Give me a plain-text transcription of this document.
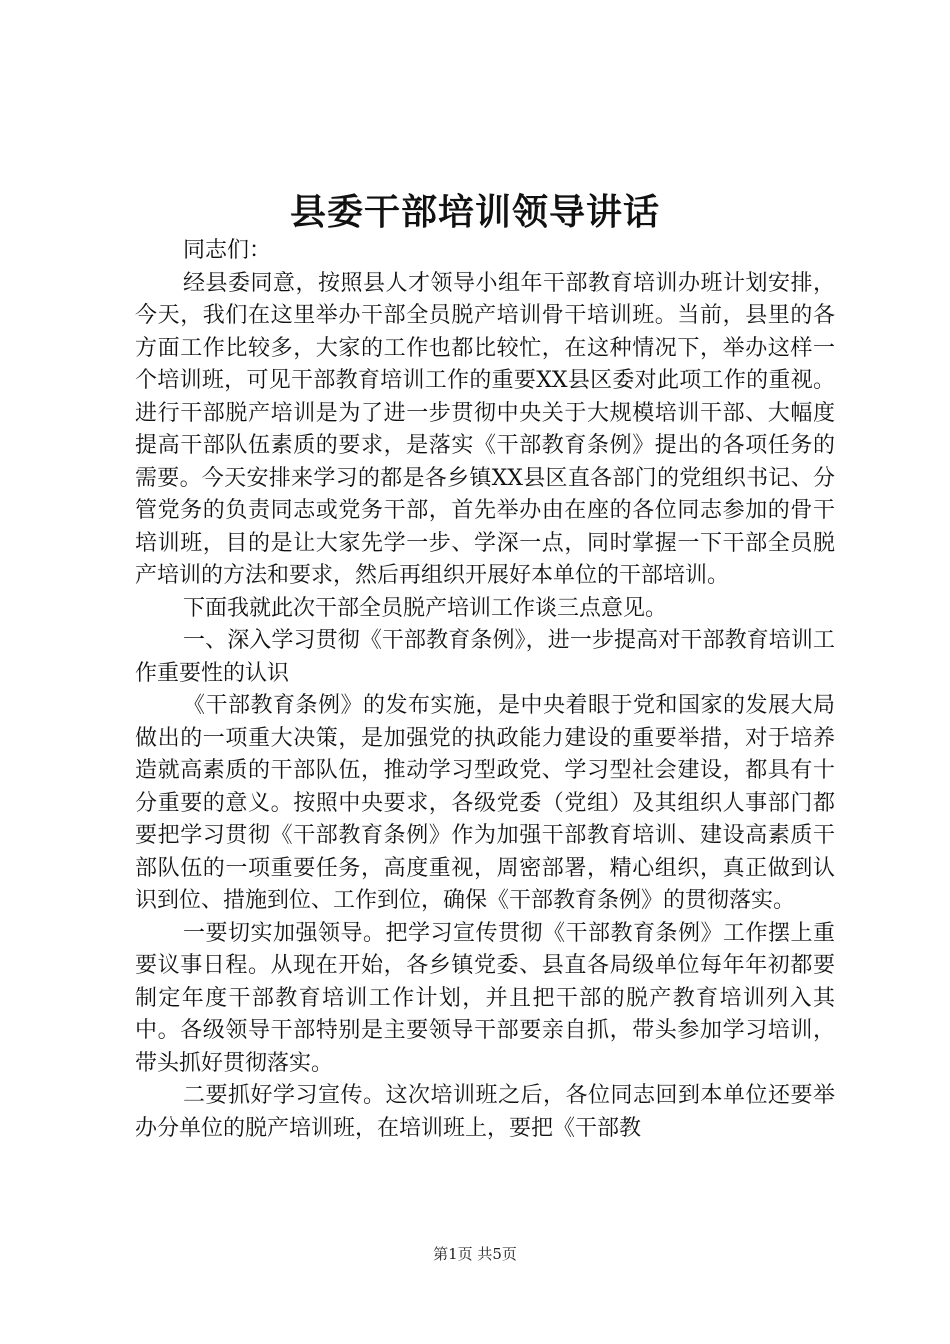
县委干部培训领导讲话

同志们：

经县委同意，按照县人才领导小组年干部教育培训办班计划安排，今天，我们在这里举办干部全员脱产培训骨干培训班。当前，县里的各方面工作比较多，大家的工作也都比较忙，在这种情况下，举办这样一个培训班，可见干部教育培训工作的重要XX县区委对此项工作的重视。进行干部脱产培训是为了进一步贯彻中央关于大规模培训干部、大幅度提高干部队伍素质的要求，是落实《干部教育条例》提出的各项任务的需要。今天安排来学习的都是各乡镇XX县区直各部门的党组织书记、分管党务的负责同志或党务干部，首先举办由在座的各位同志参加的骨干培训班，目的是让大家先学一步、学深一点，同时掌握一下干部全员脱产培训的方法和要求，然后再组织开展好本单位的干部培训。

下面我就此次干部全员脱产培训工作谈三点意见。

一、深入学习贯彻《干部教育条例》，进一步提高对干部教育培训工作重要性的认识

《干部教育条例》的发布实施，是中央着眼于党和国家的发展大局做出的一项重大决策，是加强党的执政能力建设的重要举措，对于培养造就高素质的干部队伍，推动学习型政党、学习型社会建设，都具有十分重要的意义。按照中央要求，各级党委（党组）及其组织人事部门都要把学习贯彻《干部教育条例》作为加强干部教育培训、建设高素质干部队伍的一项重要任务，高度重视，周密部署，精心组织，真正做到认识到位、措施到位、工作到位，确保《干部教育条例》的贯彻落实。

一要切实加强领导。把学习宣传贯彻《干部教育条例》工作摆上重要议事日程。从现在开始，各乡镇党委、县直各局级单位每年年初都要制定年度干部教育培训工作计划，并且把干部的脱产教育培训列入其中。各级领导干部特别是主要领导干部要亲自抓，带头参加学习培训，带头抓好贯彻落实。

二要抓好学习宣传。这次培训班之后，各位同志回到本单位还要举办分单位的脱产培训班，在培训班上，要把《干部教

第1页 共5页
